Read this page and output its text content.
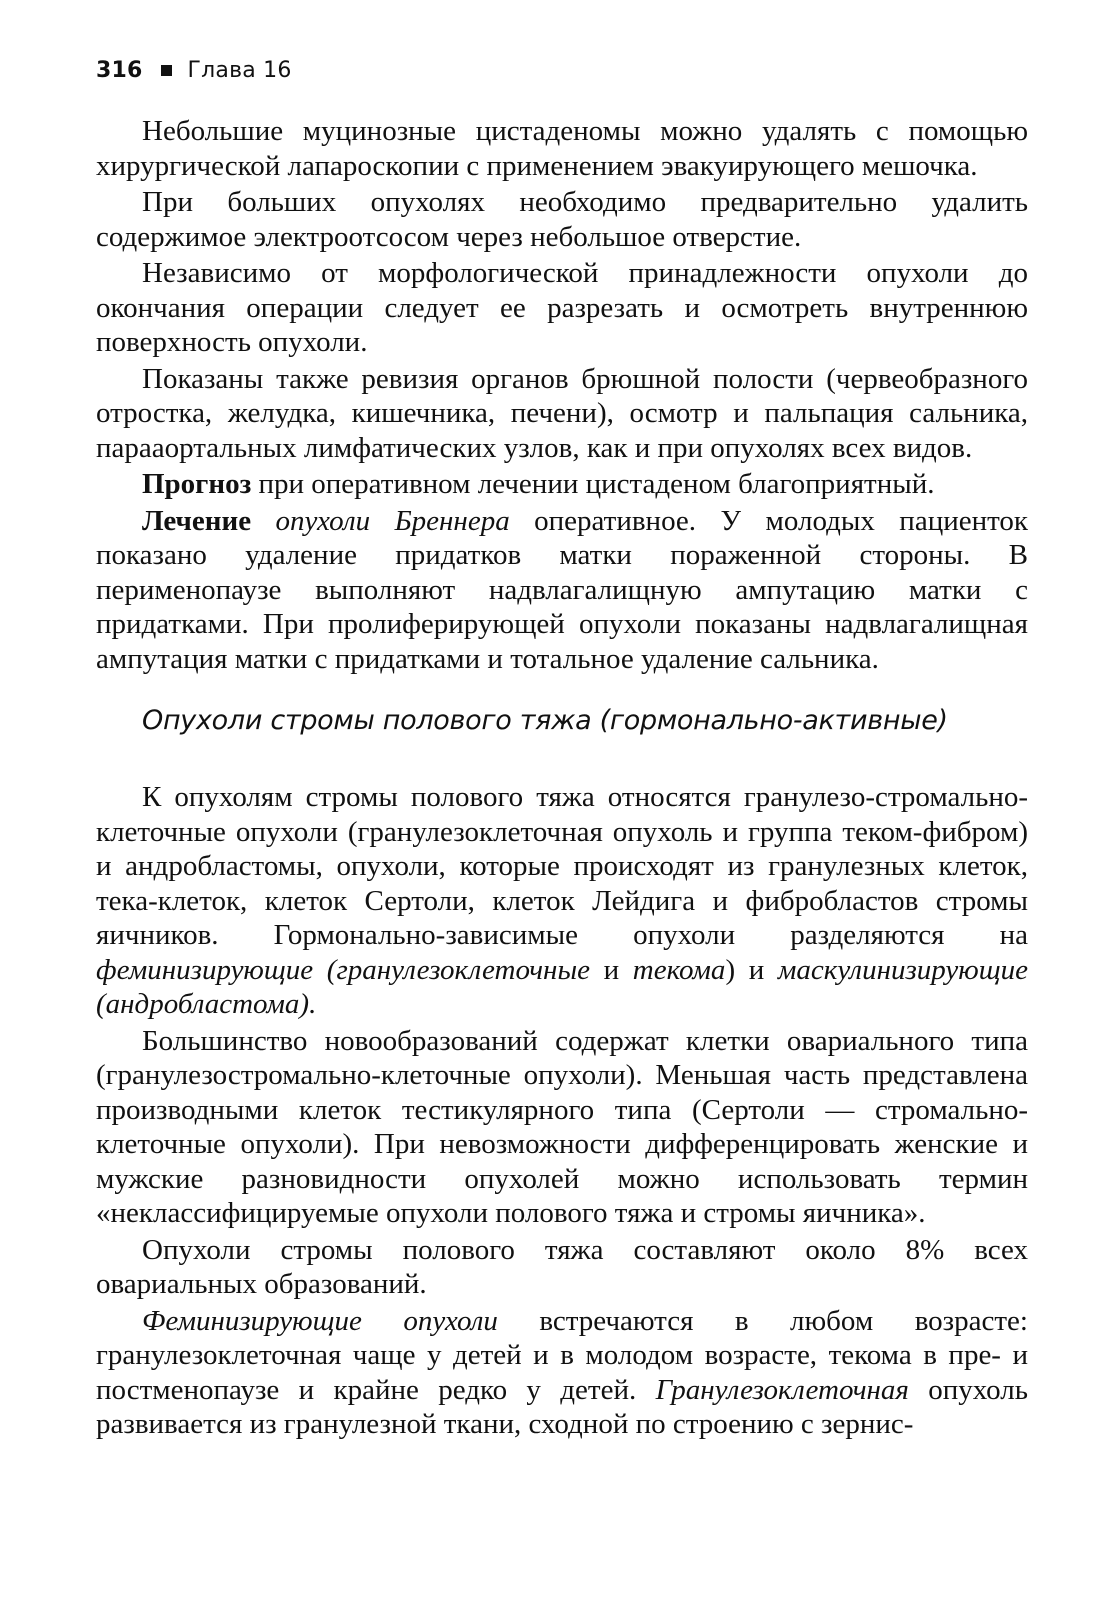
316 Глава 16

Небольшие муцинозные цистаденомы можно удалять с помощью хирургической лапароскопии с применением эвакуирующего мешочка.

При больших опухолях необходимо предварительно удалить содержимое электроотсосом через небольшое отверстие.

Независимо от морфологической принадлежности опухоли до окончания операции следует ее разрезать и осмотреть внутреннюю поверхность опухоли.

Показаны также ревизия органов брюшной полости (червеобразного отростка, желудка, кишечника, печени), осмотр и пальпация сальника, парааортальных лимфатических узлов, как и при опухолях всех видов.

Прогноз при оперативном лечении цистаденом благоприятный.

Лечение опухоли Бреннера оперативное. У молодых пациенток показано удаление придатков матки пораженной стороны. В перименопаузе выполняют надвлагалищную ампутацию матки с придатками. При пролиферирующей опухоли показаны надвлагалищная ампутация матки с придатками и тотальное удаление сальника.

Опухоли стромы полового тяжа (гормонально-активные)

К опухолям стромы полового тяжа относятся гранулезо-стромально-клеточные опухоли (гранулезоклеточная опухоль и группа теком-фибром) и андробластомы, опухоли, которые происходят из гранулезных клеток, тека-клеток, клеток Сертоли, клеток Лейдига и фибробластов стромы яичников. Гормонально-зависимые опухоли разделяются на феминизирующие (гранулезоклеточные и текома) и маскулинизирующие (андробластома).

Большинство новообразований содержат клетки овариального типа (гранулезостромально-клеточные опухоли). Меньшая часть представлена производными клеток тестикулярного типа (Сертоли — стромально-клеточные опухоли). При невозможности дифференцировать женские и мужские разновидности опухолей можно использовать термин «неклассифицируемые опухоли полового тяжа и стромы яичника».

Опухоли стромы полового тяжа составляют около 8% всех овариальных образований.

Феминизирующие опухоли встречаются в любом возрасте: гранулезоклеточная чаще у детей и в молодом возрасте, текома в пре- и постменопаузе и крайне редко у детей. Гранулезоклеточная опухоль развивается из гранулезной ткани, сходной по строению с зернис-
